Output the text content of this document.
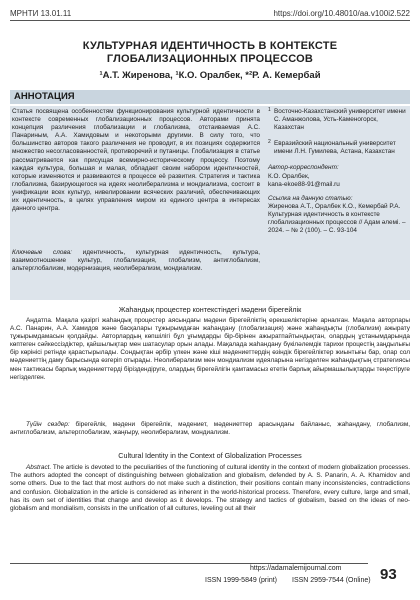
МРНТИ 13.01.11	https://doi.org/10.48010/aa.v100i2.522
КУЛЬТУРНАЯ ИДЕНТИЧНОСТЬ В КОНТЕКСТЕ
ГЛОБАЛИЗАЦИОННЫХ ПРОЦЕССОВ
¹А.Т. Жиренова, ¹К.О. Оралбек, *²Р. А. Кемербай
АННОТАЦИЯ

Статья посвящена особенностям функционирования культурной идентичности в контексте современных глобализационных процессов. Авторами принята концепция различения глобализации и глобализма, отстаиваемая А.С. Панариным, А.А. Хамидовым и некоторыми другими. В силу того, что большинство авторов такого различения не проводит, в их позициях содержится множество несогласованностей, противоречий и путаницы. Глобализация в статье рассматривается как присущая всемирно-историческому процессу. Поэтому каждая культура, большая и малая, обладает своим набором идентичностей, которые изменяются и развиваются в процессе её развития. Стратегия и тактика глобализма, базирующегося на идеях неолиберализма и мондиализма, состоит в унификации всех культур, нивелировании всяческих различий, обеспечивающих их идентичность, в целях управления миром из единого центра в интересах данного центра.

Ключевые слова: идентичность, культурная идентичность, культура, взаимоотношение культур, глобализация, глобализм, антиглобализм, альтерглобализм, модернизация, неолиберализм, мондиализм.

1 Восточно-Казахстанский университет имени С. Аманжолова, Усть-Каменогорск, Казахстан
2 Евразийский национальный университет имени Л.Н. Гумилева, Астана, Казахстан
Автор-корреспондент:
К.О. Оралбек,
kana-ekoe88-91@mail.ru
Ссылка на данную статью:
Жиренова А.Т., Оралбек К.О., Кемербай Р.А. Культурная идентичность в контексте глобализационных процессов // Адам әлемі. – 2024. – № 2 (100). – С. 93-104
Жаһандық процестер контекстіндегі мәдени бірегейлік

Аңдатпа. Мақала қазіргі жаһандық процестер аясындағы мәдени бірегейліктің ерекшеліктеріне арналған. Мақала авторлары А.С. Панарин, А.А. Хамидов және басқалары тұжырымдаған жаһандану (глобализация) және жаһандықты (глобализм) ажырату тұжырымдамасын қолдайды. Авторлардың көпшілігі бұл ұғымдарды бір-бірінен ажыратпайтындықтан, олардың ұстанымдарында көптеген сәйкессіздіктер, қайшылықтар мен шатасулар орын алады. Мақалада жаһандану бүкіләлемдік тарихи процестің заңдылығы бір көрінісі ретінде қарастырылады. Сондықтан әрбір үлкен және кіші мәдениеттердің өзіндік бірегейліктер жиынтығы бар, олар сол мәдениеттің даму барысында өзгеріп отырады. Неолиберализм мен мондиализм идеяларына негізделген жаһандықтың стратегиясы мен тактикасы барлық мәдениеттерді біріздендіруге, олардың бірегейлігін қамтамасыз ететін барлық айырмашылықтарды теңестіруге негізделген.

Түйін сөздер: бірегейлік, мәдени бірегейлік, мәдениет, мәдениеттер арасындағы байланыс, жаһандану, глобализм, антиглобализм, альтерглобализм, жаңғыру, неолиберализм, мондиализм.

Cultural Identity in the Context of Globalization Processes

Abstract. The article is devoted to the peculiarities of the functioning of cultural identity in the context of modern globalization processes. The authors adopted the concept of distinguishing between globalization and globalism, defended by A. S. Panarin, A. A. Khamidov and some others. Due to the fact that most authors do not make such a distinction, their positions contain many inconsistencies, contradictions and confusion. Globalization in the article is considered as inherent in the world-historical process. Therefore, every culture, large and small, has its own set of identities that change and develop as it develops. The strategy and tactics of globalism, based on the ideas of neo-globalism and mondialism, consists in the unification of all cultures, leveling out all their

https://adamalemijournal.com
ISSN 1999-5849 (print) ISSN 2959-7544 (Online) 93
